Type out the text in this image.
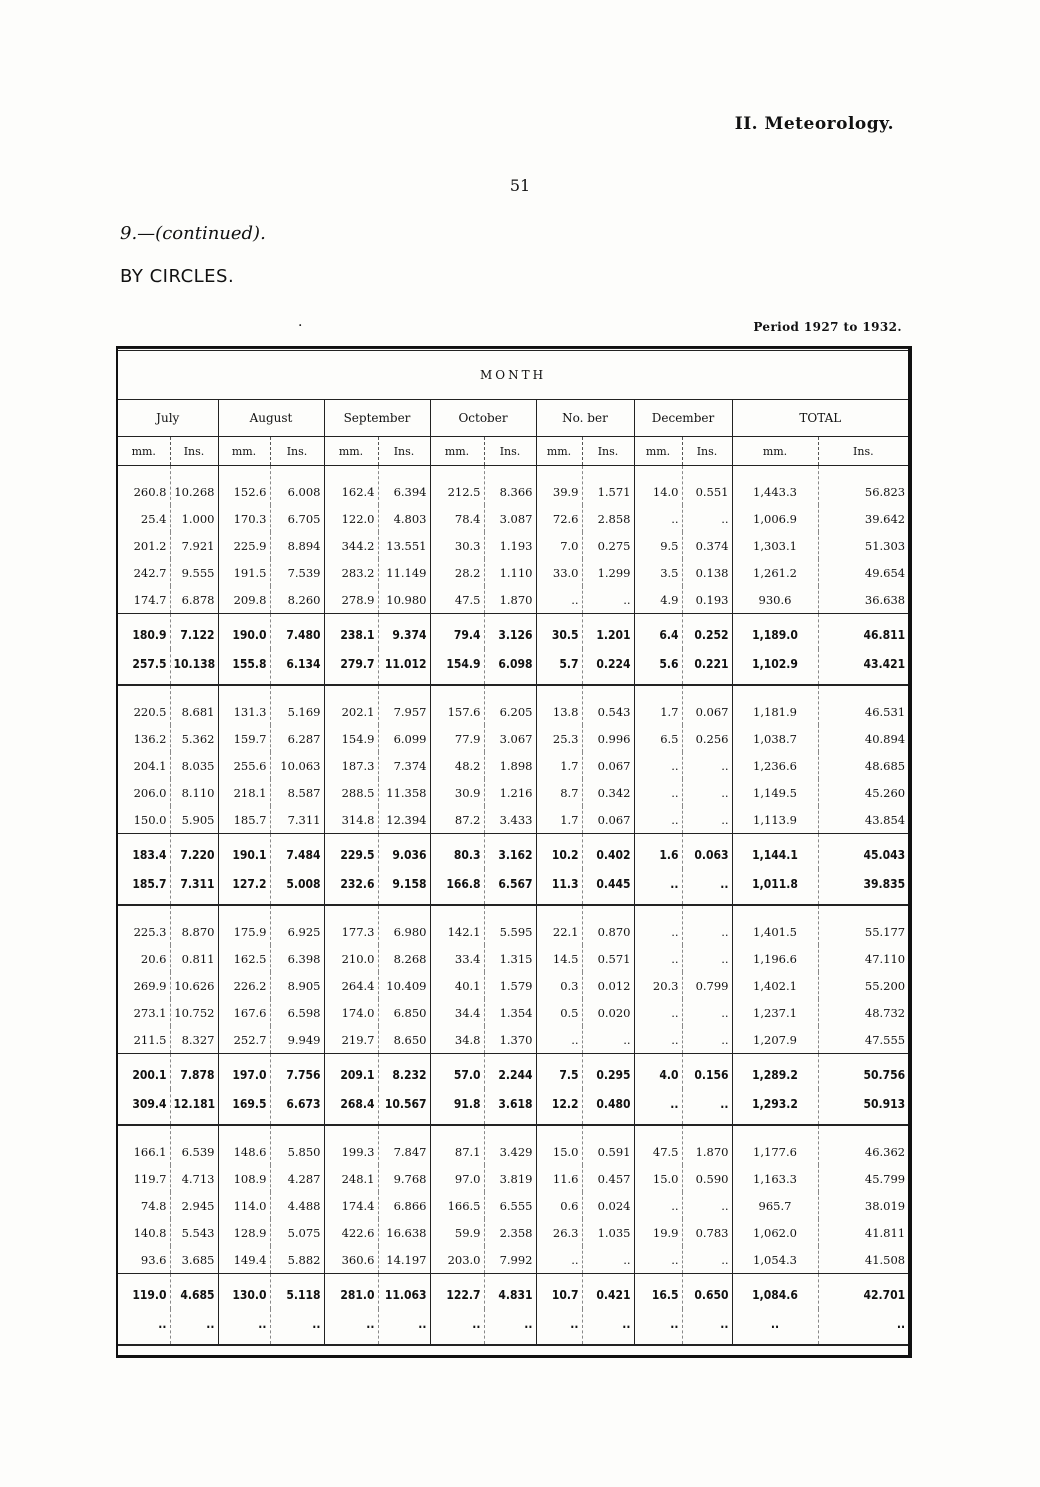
II. Meteorology.
51
9.—(continued).
BY CIRCLES.
Period 1927 to 1932.
·
MONTH													
July		August		September		October		No. ber		December		TOTAL	
mm.	Ins.	mm.	Ins.	mm.	Ins.	mm.	Ins.	mm.	Ins.	mm.	Ins.	mm.	Ins.
260.8	10.268	152.6	6.008	162.4	6.394	212.5	8.366	39.9	1.571	14.0	0.551	1,443.3	56.823
25.4	1.000	170.3	6.705	122.0	4.803	78.4	3.087	72.6	2.858	..	..	1,006.9	39.642
201.2	7.921	225.9	8.894	344.2	13.551	30.3	1.193	7.0	0.275	9.5	0.374	1,303.1	51.303
242.7	9.555	191.5	7.539	283.2	11.149	28.2	1.110	33.0	1.299	3.5	0.138	1,261.2	49.654
174.7	6.878	209.8	8.260	278.9	10.980	47.5	1.870	..	..	4.9	0.193	930.6	36.638
180.9	7.122	190.0	7.480	238.1	9.374	79.4	3.126	30.5	1.201	6.4	0.252	1,189.0	46.811
257.5	10.138	155.8	6.134	279.7	11.012	154.9	6.098	5.7	0.224	5.6	0.221	1,102.9	43.421
220.5	8.681	131.3	5.169	202.1	7.957	157.6	6.205	13.8	0.543	1.7	0.067	1,181.9	46.531
136.2	5.362	159.7	6.287	154.9	6.099	77.9	3.067	25.3	0.996	6.5	0.256	1,038.7	40.894
204.1	8.035	255.6	10.063	187.3	7.374	48.2	1.898	1.7	0.067	..	..	1,236.6	48.685
206.0	8.110	218.1	8.587	288.5	11.358	30.9	1.216	8.7	0.342	..	..	1,149.5	45.260
150.0	5.905	185.7	7.311	314.8	12.394	87.2	3.433	1.7	0.067	..	..	1,113.9	43.854
183.4	7.220	190.1	7.484	229.5	9.036	80.3	3.162	10.2	0.402	1.6	0.063	1,144.1	45.043
185.7	7.311	127.2	5.008	232.6	9.158	166.8	6.567	11.3	0.445	..	..	1,011.8	39.835
225.3	8.870	175.9	6.925	177.3	6.980	142.1	5.595	22.1	0.870	..	..	1,401.5	55.177
20.6	0.811	162.5	6.398	210.0	8.268	33.4	1.315	14.5	0.571	..	..	1,196.6	47.110
269.9	10.626	226.2	8.905	264.4	10.409	40.1	1.579	0.3	0.012	20.3	0.799	1,402.1	55.200
273.1	10.752	167.6	6.598	174.0	6.850	34.4	1.354	0.5	0.020	..	..	1,237.1	48.732
211.5	8.327	252.7	9.949	219.7	8.650	34.8	1.370	..	..	..	..	1,207.9	47.555
200.1	7.878	197.0	7.756	209.1	8.232	57.0	2.244	7.5	0.295	4.0	0.156	1,289.2	50.756
309.4	12.181	169.5	6.673	268.4	10.567	91.8	3.618	12.2	0.480	..	..	1,293.2	50.913
166.1	6.539	148.6	5.850	199.3	7.847	87.1	3.429	15.0	0.591	47.5	1.870	1,177.6	46.362
119.7	4.713	108.9	4.287	248.1	9.768	97.0	3.819	11.6	0.457	15.0	0.590	1,163.3	45.799
74.8	2.945	114.0	4.488	174.4	6.866	166.5	6.555	0.6	0.024	..	..	965.7	38.019
140.8	5.543	128.9	5.075	422.6	16.638	59.9	2.358	26.3	1.035	19.9	0.783	1,062.0	41.811
93.6	3.685	149.4	5.882	360.6	14.197	203.0	7.992	..	..	..	..	1,054.3	41.508
119.0	4.685	130.0	5.118	281.0	11.063	122.7	4.831	10.7	0.421	16.5	0.650	1,084.6	42.701
..	..	..	..	..	..	..	..	..	..	..	..	..	..
